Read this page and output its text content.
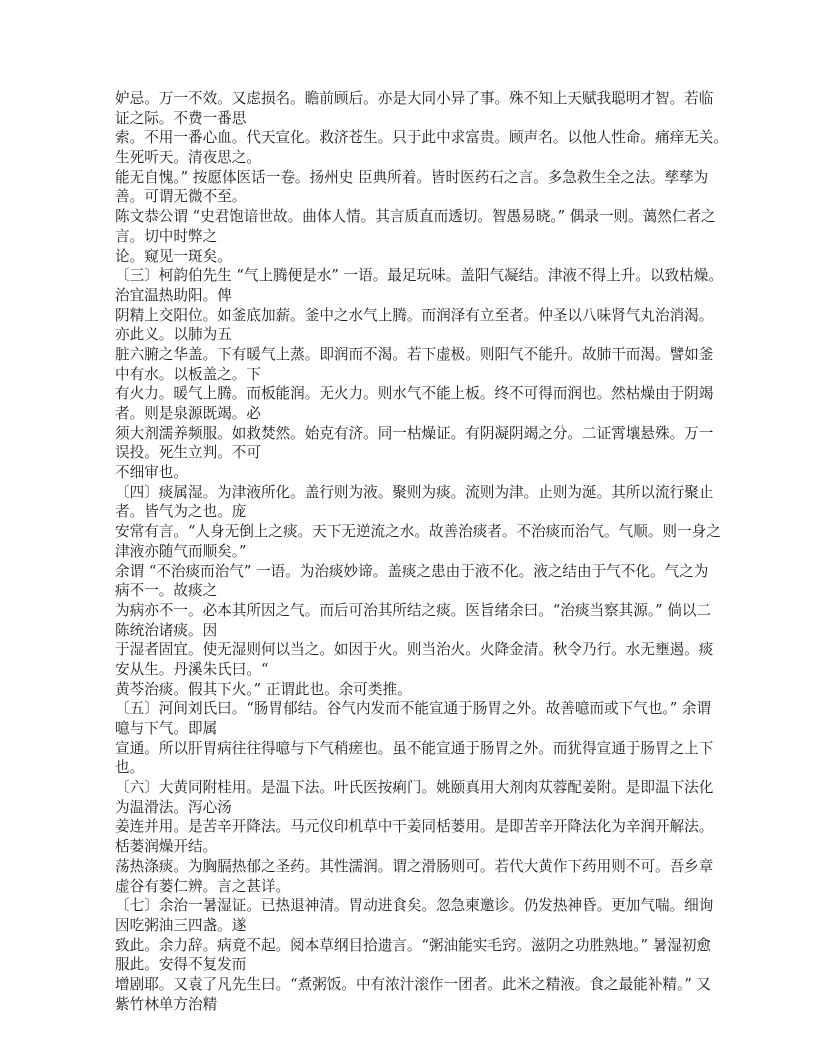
妒忌。万一不效。又虑损名。瞻前顾后。亦是大同小异了事。殊不知上天赋我聪明才智。若临
证之际。不费一番思
索。不用一番心血。代天宣化。救济苍生。只于此中求富贵。顾声名。以他人性命。痛痒无关。
生死听天。清夜思之。
能无自愧。” 按愿体医话一卷。扬州史 臣典所着。皆时医药石之言。多急救生全之法。孳孳为
善。可谓无微不至。
陈文恭公谓 “史君饱谙世故。曲体人情。其言质直而透切。智愚易晓。” 偶录一则。蔼然仁者之
言。切中时弊之
论。窥见一斑矣。
〔三〕柯韵伯先生 “气上腾便是水” 一语。最足玩味。盖阳气凝结。津液不得上升。以致枯燥。
治宜温热助阳。俾
阴精上交阳位。如釜底加薪。釜中之水气上腾。而润泽有立至者。仲圣以八味肾气丸治消渴。
亦此义。以肺为五
脏六腑之华盖。下有暖气上蒸。即润而不渴。若下虚极。则阳气不能升。故肺干而渴。譬如釜
中有水。以板盖之。下
有火力。暖气上腾。而板能润。无火力。则水气不能上板。终不可得而润也。然枯燥由于阴竭
者。则是泉源既竭。必
须大剂濡养频服。如救焚然。始克有济。同一枯燥证。有阴凝阴竭之分。二证霄壤悬殊。万一
误投。死生立判。不可
不细审也。
〔四〕痰属湿。为津液所化。盖行则为液。聚则为痰。流则为津。止则为涎。其所以流行聚止
者。皆气为之也。庞
安常有言。“人身无倒上之痰。天下无逆流之水。故善治痰者。不治痰而治气。气顺。则一身之
津液亦随气而顺矣。”
余谓 “不治痰而治气” 一语。为治痰妙谛。盖痰之患由于液不化。液之结由于气不化。气之为
病不一。故痰之
为病亦不一。必本其所因之气。而后可治其所结之痰。医旨绪余曰。“治痰当察其源。” 倘以二
陈统治诸痰。因
于湿者固宜。使无湿则何以当之。如因于火。则当治火。火降金清。秋令乃行。水无壅遏。痰
安从生。丹溪朱氏曰。“
黄芩治痰。假其下火。” 正谓此也。余可类推。
〔五〕河间刘氏曰。“肠胃郁结。谷气内发而不能宣通于肠胃之外。故善噫而或下气也。” 余谓
噫与下气。即属
宣通。所以肝胃病往往得噫与下气稍瘥也。虽不能宣通于肠胃之外。而犹得宣通于肠胃之上下
也。
〔六〕大黄同附桂用。是温下法。叶氏医按痢门。姚颐真用大剂肉苁蓉配姜附。是即温下法化
为温滑法。泻心汤
姜连并用。是苦辛开降法。马元仪印机草中干姜同栝蒌用。是即苦辛开降法化为辛润开解法。
栝蒌润燥开结。
荡热涤痰。为胸膈热郁之圣药。其性濡润。谓之滑肠则可。若代大黄作下药用则不可。吾乡章
虚谷有蒌仁辨。言之甚详。
〔七〕余治一暑湿证。已热退神清。胃动进食矣。忽急柬邀诊。仍发热神昏。更加气喘。细询
因吃粥油三四盏。遂
致此。余力辞。病竟不起。阅本草纲目拾遗言。“粥油能实毛窍。滋阴之功胜熟地。” 暑湿初愈
服此。安得不复发而
增剧耶。又袁了凡先生曰。“煮粥饭。中有浓汁滚作一团者。此米之精液。食之最能补精。” 又
紫竹林单方治精
